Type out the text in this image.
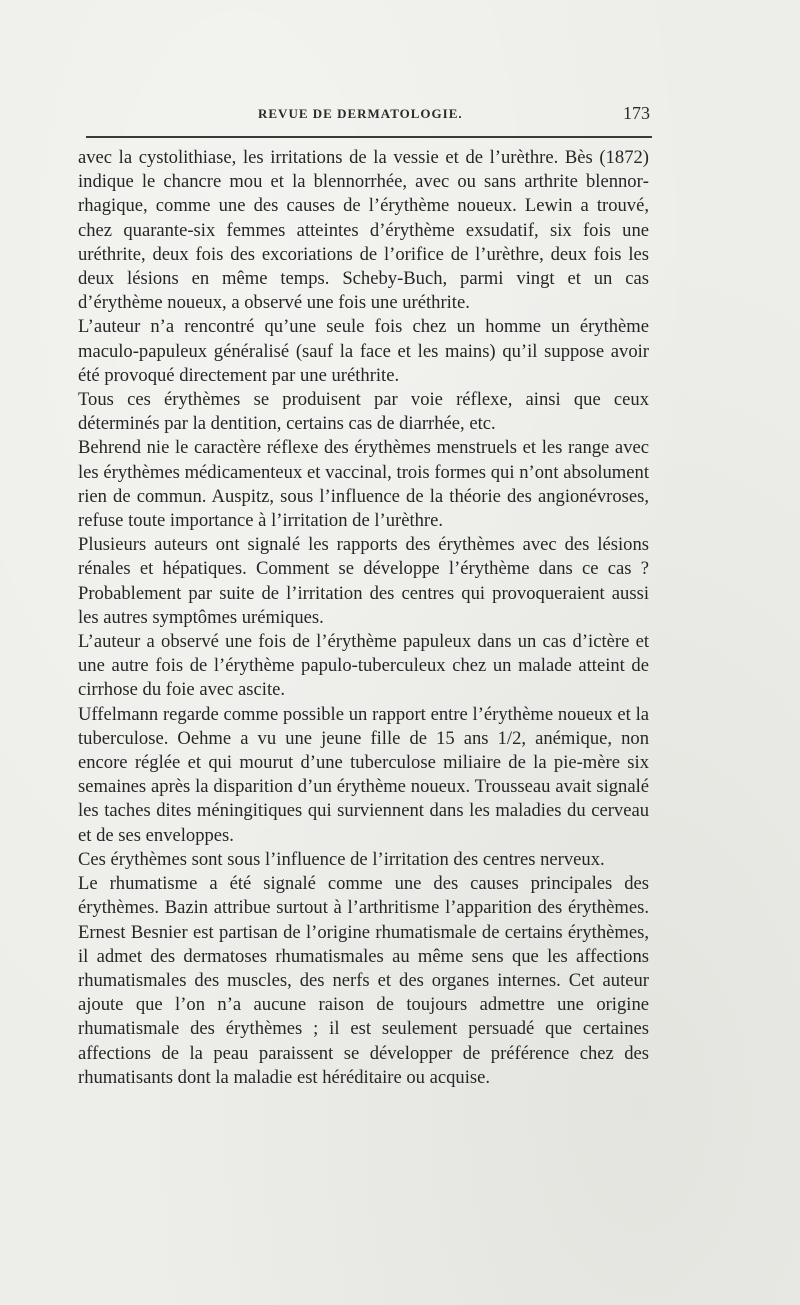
REVUE DE DERMATOLOGIE.	173

avec la cystolithiase, les irritations de la vessie et de l’urèthre. Bès (1872) indique le chancre mou et la blennorrhée, avec ou sans arthrite blennorrhagique, comme une des causes de l’érythème noueux. Lewin a trouvé, chez quarante-six femmes atteintes d’érythème exsudatif, six fois une uréthrite, deux fois des excoriations de l’orifice de l’urèthre, deux fois les deux lésions en même temps. Scheby-Buch, parmi vingt et un cas d’érythème noueux, a observé une fois une uréthrite.

L’auteur n’a rencontré qu’une seule fois chez un homme un érythème maculo-papuleux généralisé (sauf la face et les mains) qu’il suppose avoir été provoqué directement par une uréthrite.

Tous ces érythèmes se produisent par voie réflexe, ainsi que ceux déterminés par la dentition, certains cas de diarrhée, etc.

Behrend nie le caractère réflexe des érythèmes menstruels et les range avec les érythèmes médicamenteux et vaccinal, trois formes qui n’ont absolument rien de commun. Auspitz, sous l’influence de la théorie des angionévroses, refuse toute importance à l’irritation de l’urèthre.

Plusieurs auteurs ont signalé les rapports des érythèmes avec des lésions rénales et hépatiques. Comment se développe l’érythème dans ce cas ? Probablement par suite de l’irritation des centres qui provoqueraient aussi les autres symptômes urémiques.

L’auteur a observé une fois de l’érythème papuleux dans un cas d’ictère et une autre fois de l’érythème papulo-tuberculeux chez un malade atteint de cirrhose du foie avec ascite.

Uffelmann regarde comme possible un rapport entre l’érythème noueux et la tuberculose. Oehme a vu une jeune fille de 15 ans 1/2, anémique, non encore réglée et qui mourut d’une tuberculose miliaire de la pie-mère six semaines après la disparition d’un érythème noueux. Trousseau avait signalé les taches dites méningitiques qui surviennent dans les maladies du cerveau et de ses enveloppes.

Ces érythèmes sont sous l’influence de l’irritation des centres nerveux.

Le rhumatisme a été signalé comme une des causes principales des érythèmes. Bazin attribue surtout à l’arthritisme l’apparition des érythèmes. Ernest Besnier est partisan de l’origine rhumatismale de certains érythèmes, il admet des dermatoses rhumatismales au même sens que les affections rhumatismales des muscles, des nerfs et des organes internes. Cet auteur ajoute que l’on n’a aucune raison de toujours admettre une origine rhumatismale des érythèmes ; il est seulement persuadé que certaines affections de la peau paraissent se développer de préférence chez des rhumatisants dont la maladie est héréditaire ou acquise.
